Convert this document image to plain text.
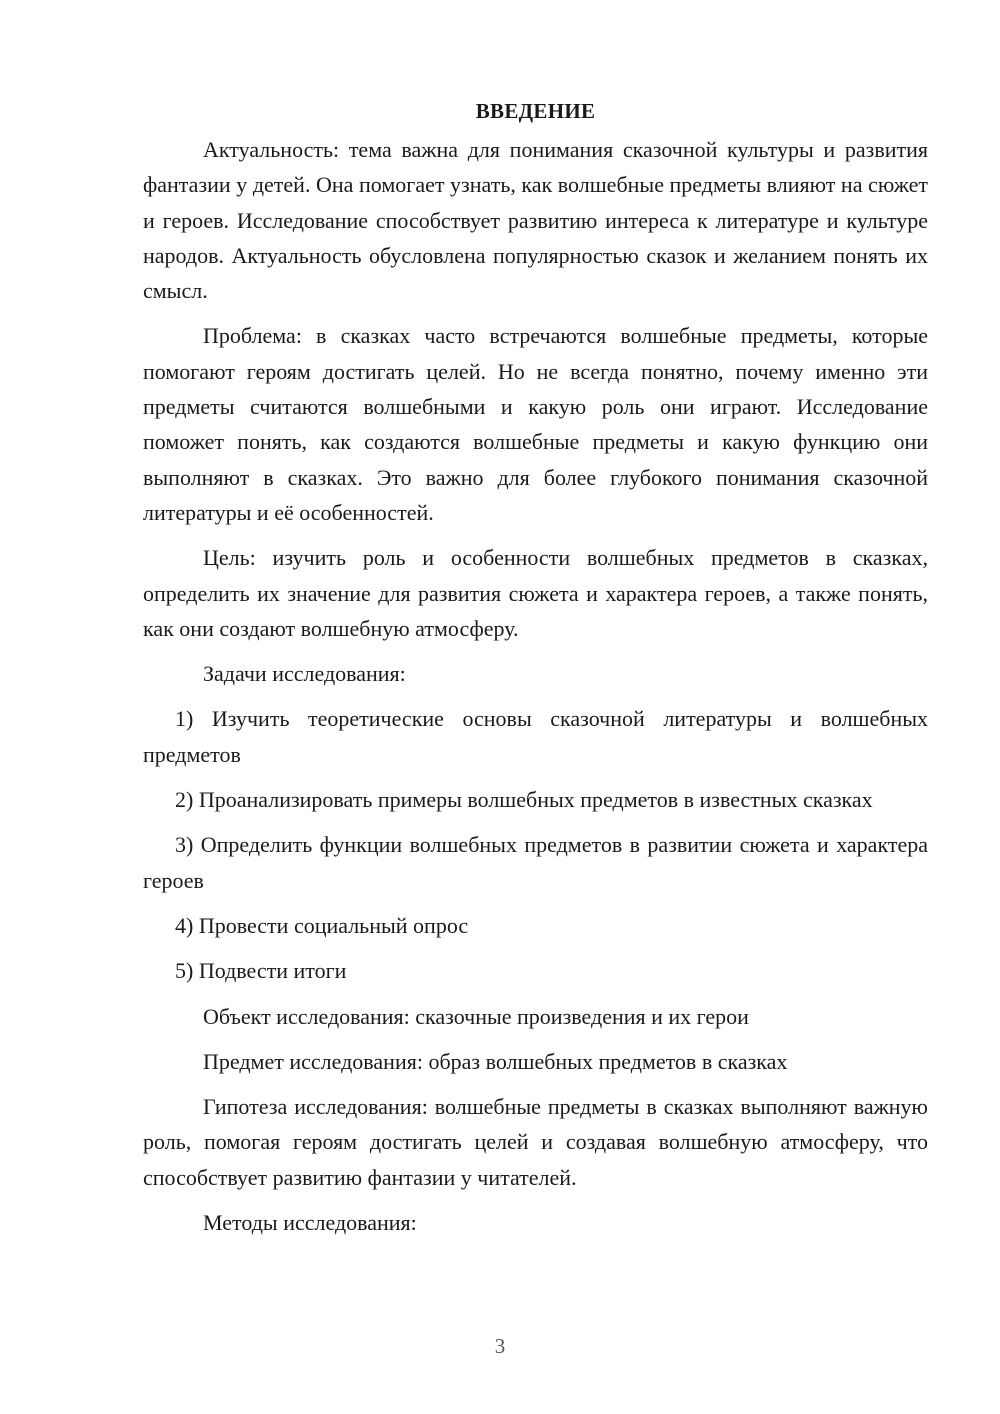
ВВЕДЕНИЕ

Актуальность: тема важна для понимания сказочной культуры и развития фантазии у детей. Она помогает узнать, как волшебные предметы влияют на сюжет и героев. Исследование способствует развитию интереса к литературе и культуре народов. Актуальность обусловлена популярностью сказок и желанием понять их смысл.

Проблема: в сказках часто встречаются волшебные предметы, которые помогают героям достигать целей. Но не всегда понятно, почему именно эти предметы считаются волшебными и какую роль они играют. Исследование поможет понять, как создаются волшебные предметы и какую функцию они выполняют в сказках. Это важно для более глубокого понимания сказочной литературы и её особенностей.

Цель: изучить роль и особенности волшебных предметов в сказках, определить их значение для развития сюжета и характера героев, а также понять, как они создают волшебную атмосферу.

Задачи исследования:

1) Изучить теоретические основы сказочной литературы и волшебных предметов

2) Проанализировать примеры волшебных предметов в известных сказках

3) Определить функции волшебных предметов в развитии сюжета и характера героев

4) Провести социальный опрос

5) Подвести итоги

Объект исследования: сказочные произведения и их герои

Предмет исследования: образ волшебных предметов в сказках

Гипотеза исследования: волшебные предметы в сказках выполняют важную роль, помогая героям достигать целей и создавая волшебную атмосферу, что способствует развитию фантазии у читателей.

Методы исследования:

3
